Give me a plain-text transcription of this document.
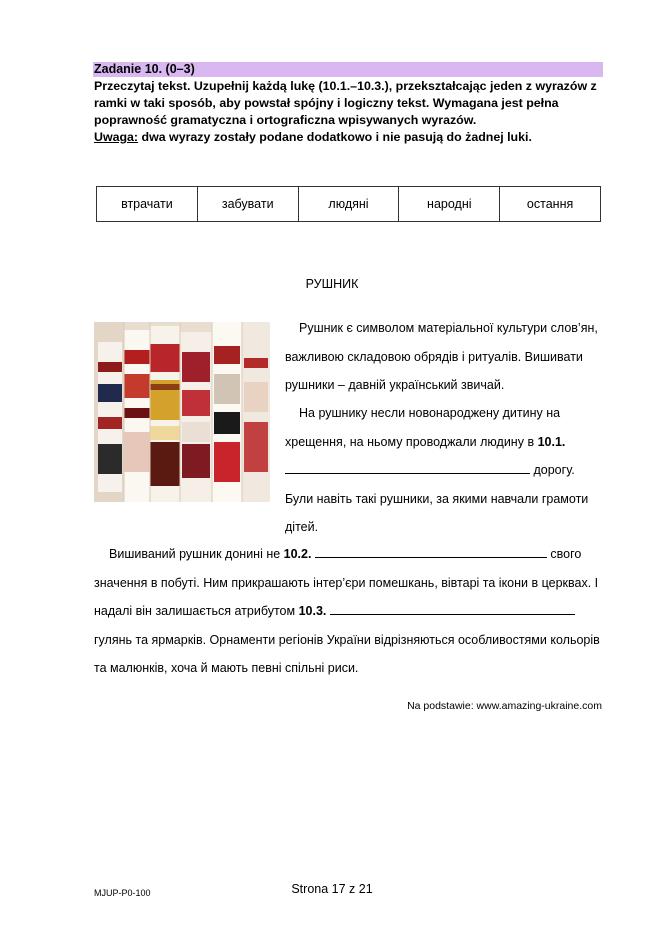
Zadanie 10. (0–3)
Przeczytaj tekst. Uzupełnij każdą lukę (10.1.–10.3.), przekształcając jeden z wyrazów z ramki w taki sposób, aby powstał spójny i logiczny tekst. Wymagana jest pełna poprawność gramatyczna i ortograficzna wpisywanych wyrazów.
Uwaga: dwa wyrazy zostały podane dodatkowo i nie pasują do żadnej luki.
втрачати	забувати	людяні	народні	остання
РУШНИК
Рушник є символом матеріальної культури слов’ян, важливою складовою обрядів і ритуалів. Вишивати рушники – давній український звичай.
На рушнику несли новонароджену дитину на хрещення, на ньому проводжали людину в 10.1.  дорогу. Були навіть такі рушники, за якими навчали грамоти дітей.
Вишиваний рушник донині не 10.2.	свого значення в побуті. Ним прикрашають інтер’єри помешкань, вівтарі та ікони в церквах. І надалі він залишається атрибутом 10.3.  гулянь та ярмарків. Орнаменти регіонів України відрізняються особливостями кольорів та малюнків, хоча й мають певні спільні риси.
Na podstawie: www.amazing-ukraine.com
MJUP-P0-100	Strona 17 z 21
